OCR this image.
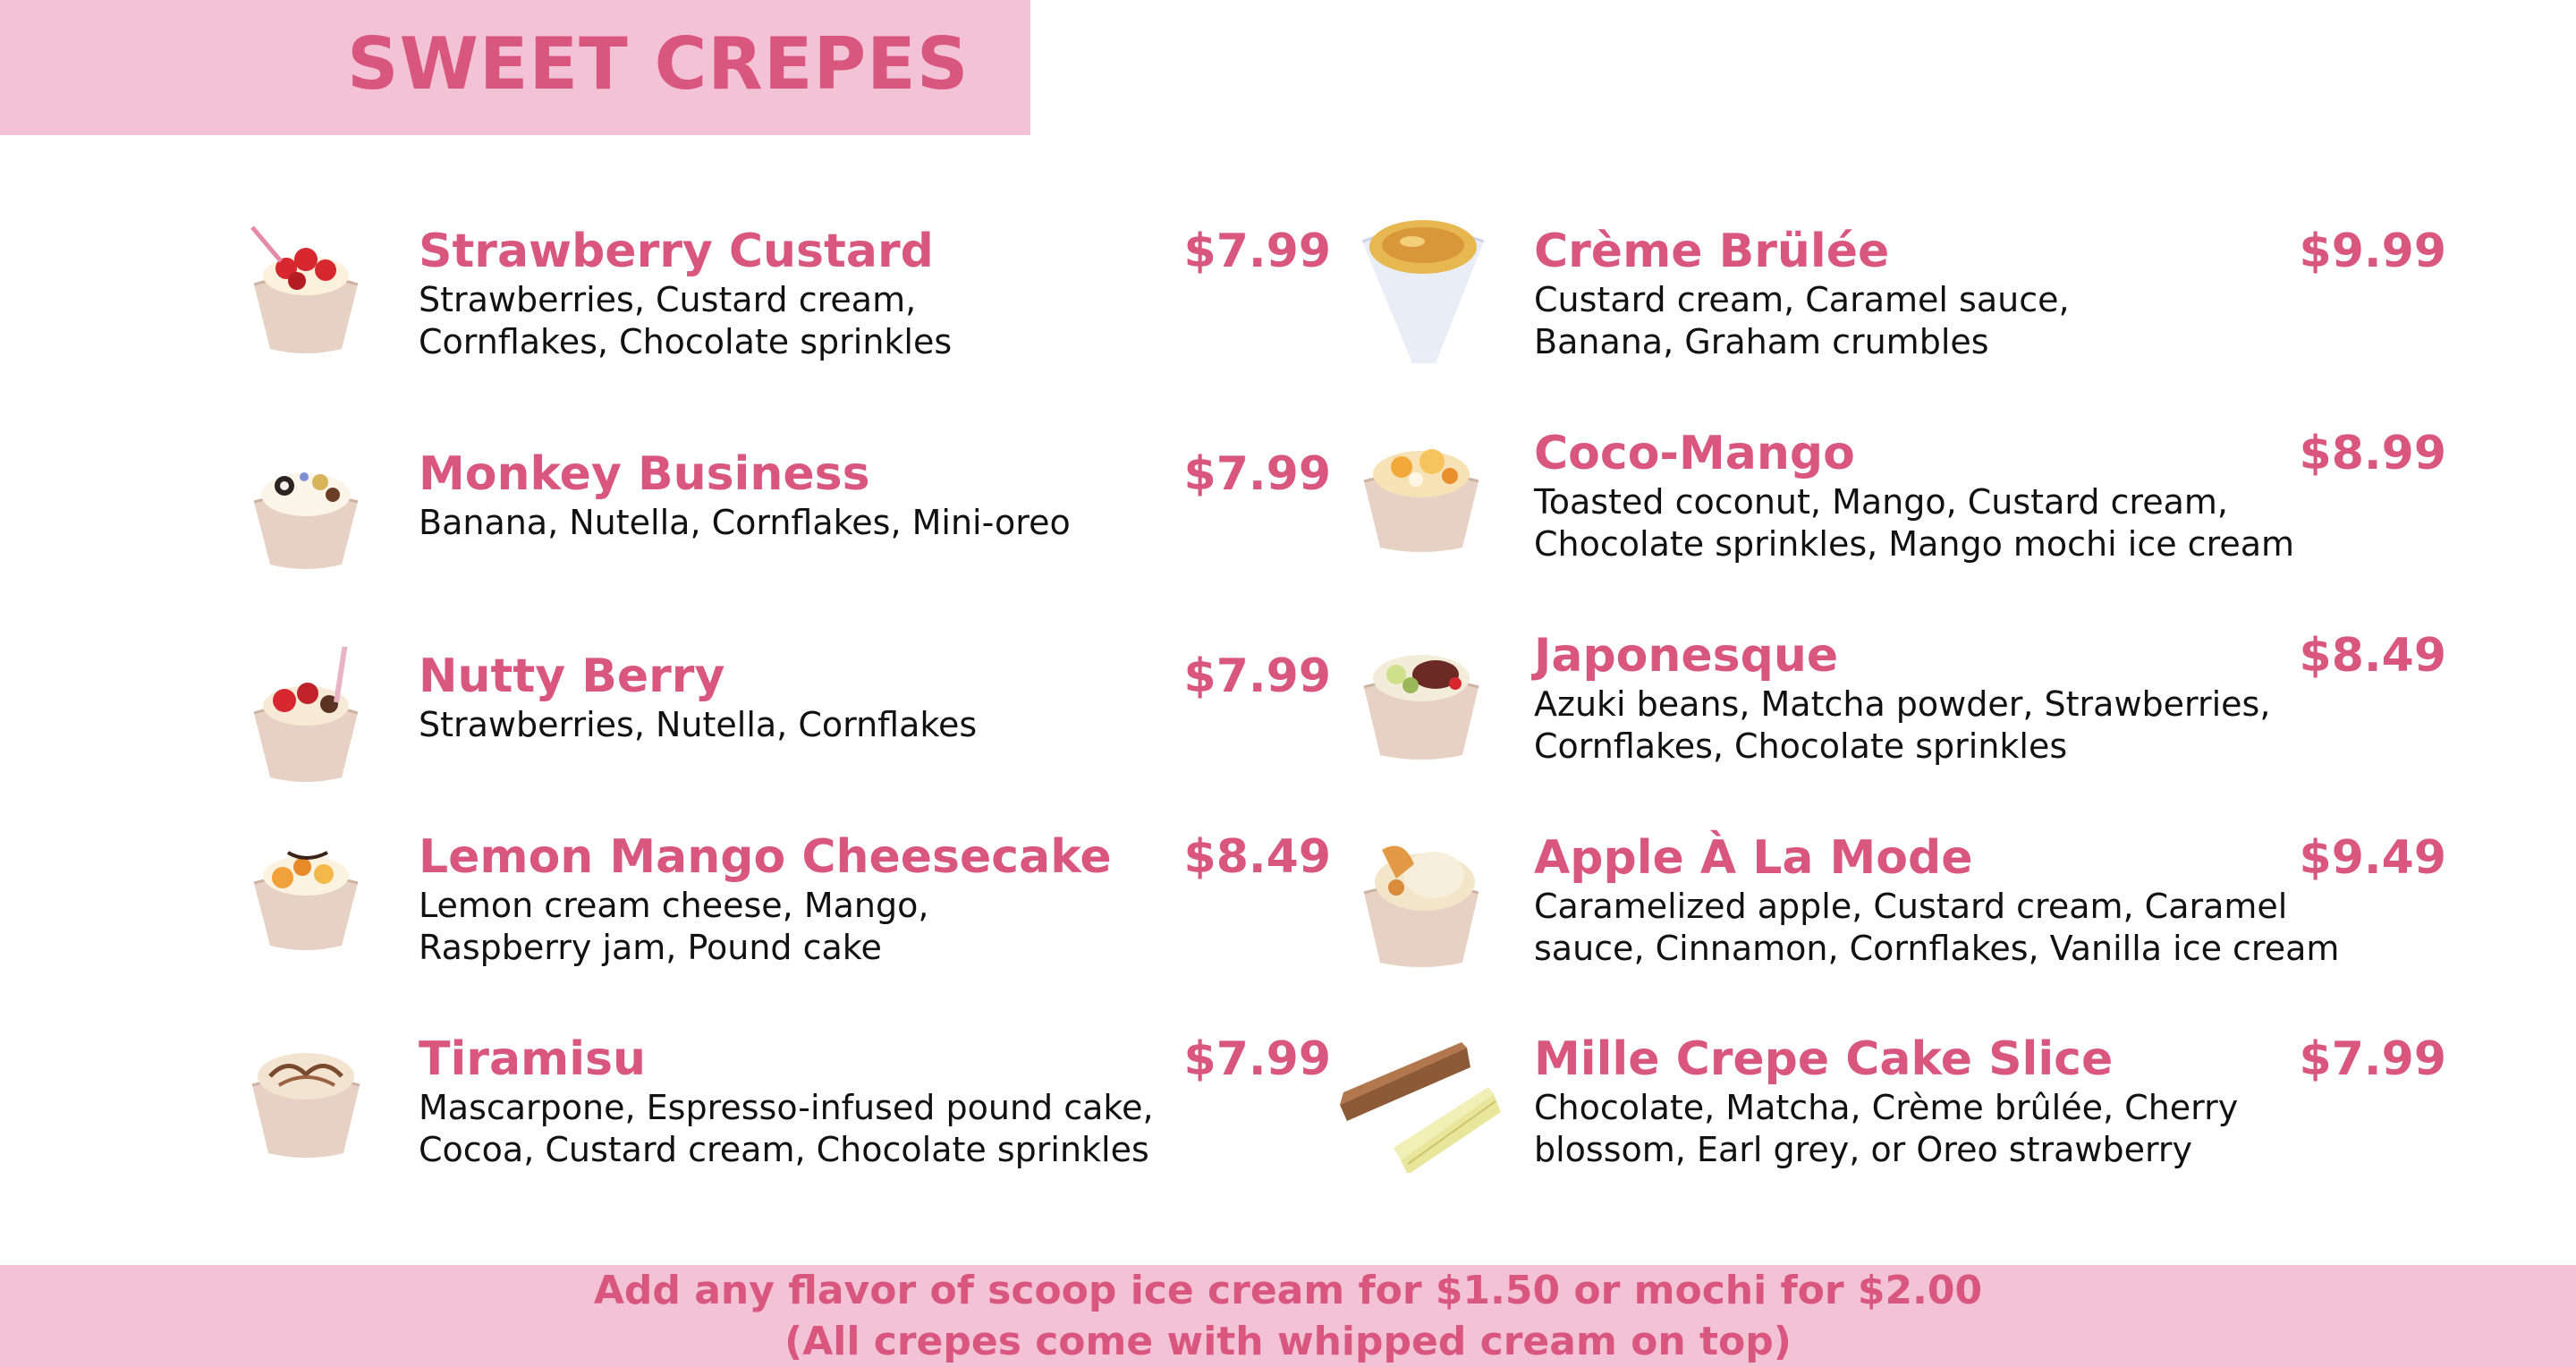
SWEET CREPES
Strawberry Custard	$7.99
Strawberries, Custard cream,
Cornflakes, Chocolate sprinkles
Monkey Business	$7.99
Banana, Nutella, Cornflakes, Mini-oreo
Nutty Berry	$7.99
Strawberries, Nutella, Cornflakes
Lemon Mango Cheesecake $8.49
Lemon cream cheese, Mango,
Raspberry jam, Pound cake
Tiramisu	$7.99
Mascarpone, Espresso-infused pound cake,
Cocoa, Custard cream, Chocolate sprinkles
Crème Brülée	$9.99
Custard cream, Caramel sauce,
Banana, Graham crumbles
Coco-Mango	$8.99
Toasted coconut, Mango, Custard cream,
Chocolate sprinkles, Mango mochi ice cream
Japonesque	$8.49
Azuki beans, Matcha powder, Strawberries,
Cornflakes, Chocolate sprinkles
Apple À La Mode	$9.49
Caramelized apple, Custard cream, Caramel
sauce, Cinnamon, Cornflakes, Vanilla ice cream
Mille Crepe Cake Slice	$7.99
Chocolate, Matcha, Crème brûlée, Cherry
blossom, Earl grey, or Oreo strawberry
Add any flavor of scoop ice cream for $1.50 or mochi for $2.00
(All crepes come with whipped cream on top)
